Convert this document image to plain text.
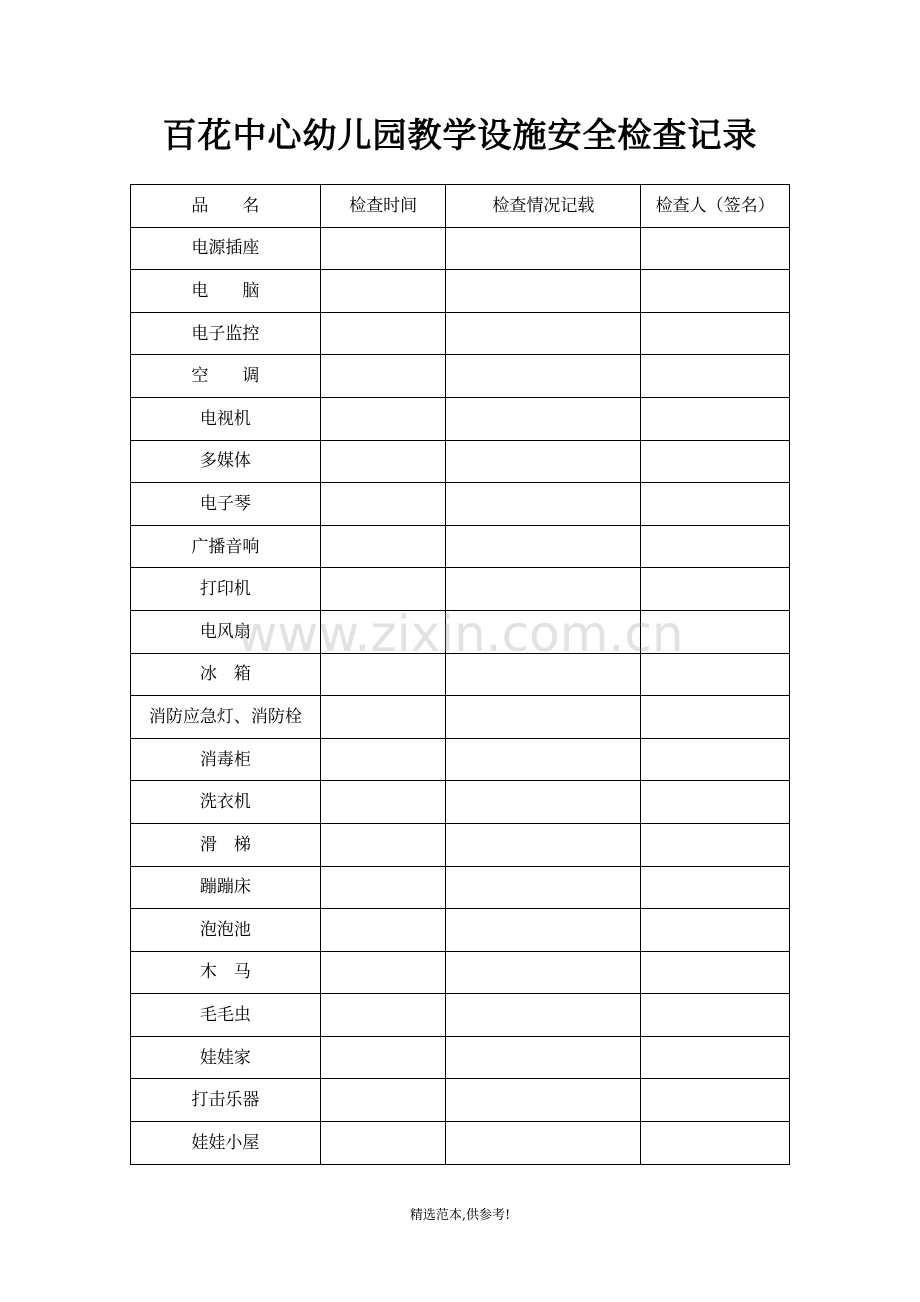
百花中心幼儿园教学设施安全检查记录
品　　名	检查时间	检查情况记载	检查人（签名）
电源插座			
电　　脑			
电子监控			
空　　调			
电视机			
多媒体			
电子琴			
广播音响			
打印机			
电风扇			
冰　箱			
消防应急灯、消防栓			
消毒柜			
洗衣机			
滑　梯			
蹦蹦床			
泡泡池			
木　马			
毛毛虫			
娃娃家			
打击乐器			
娃娃小屋			
www.zixin.com.cn
精选范本,供参考!
